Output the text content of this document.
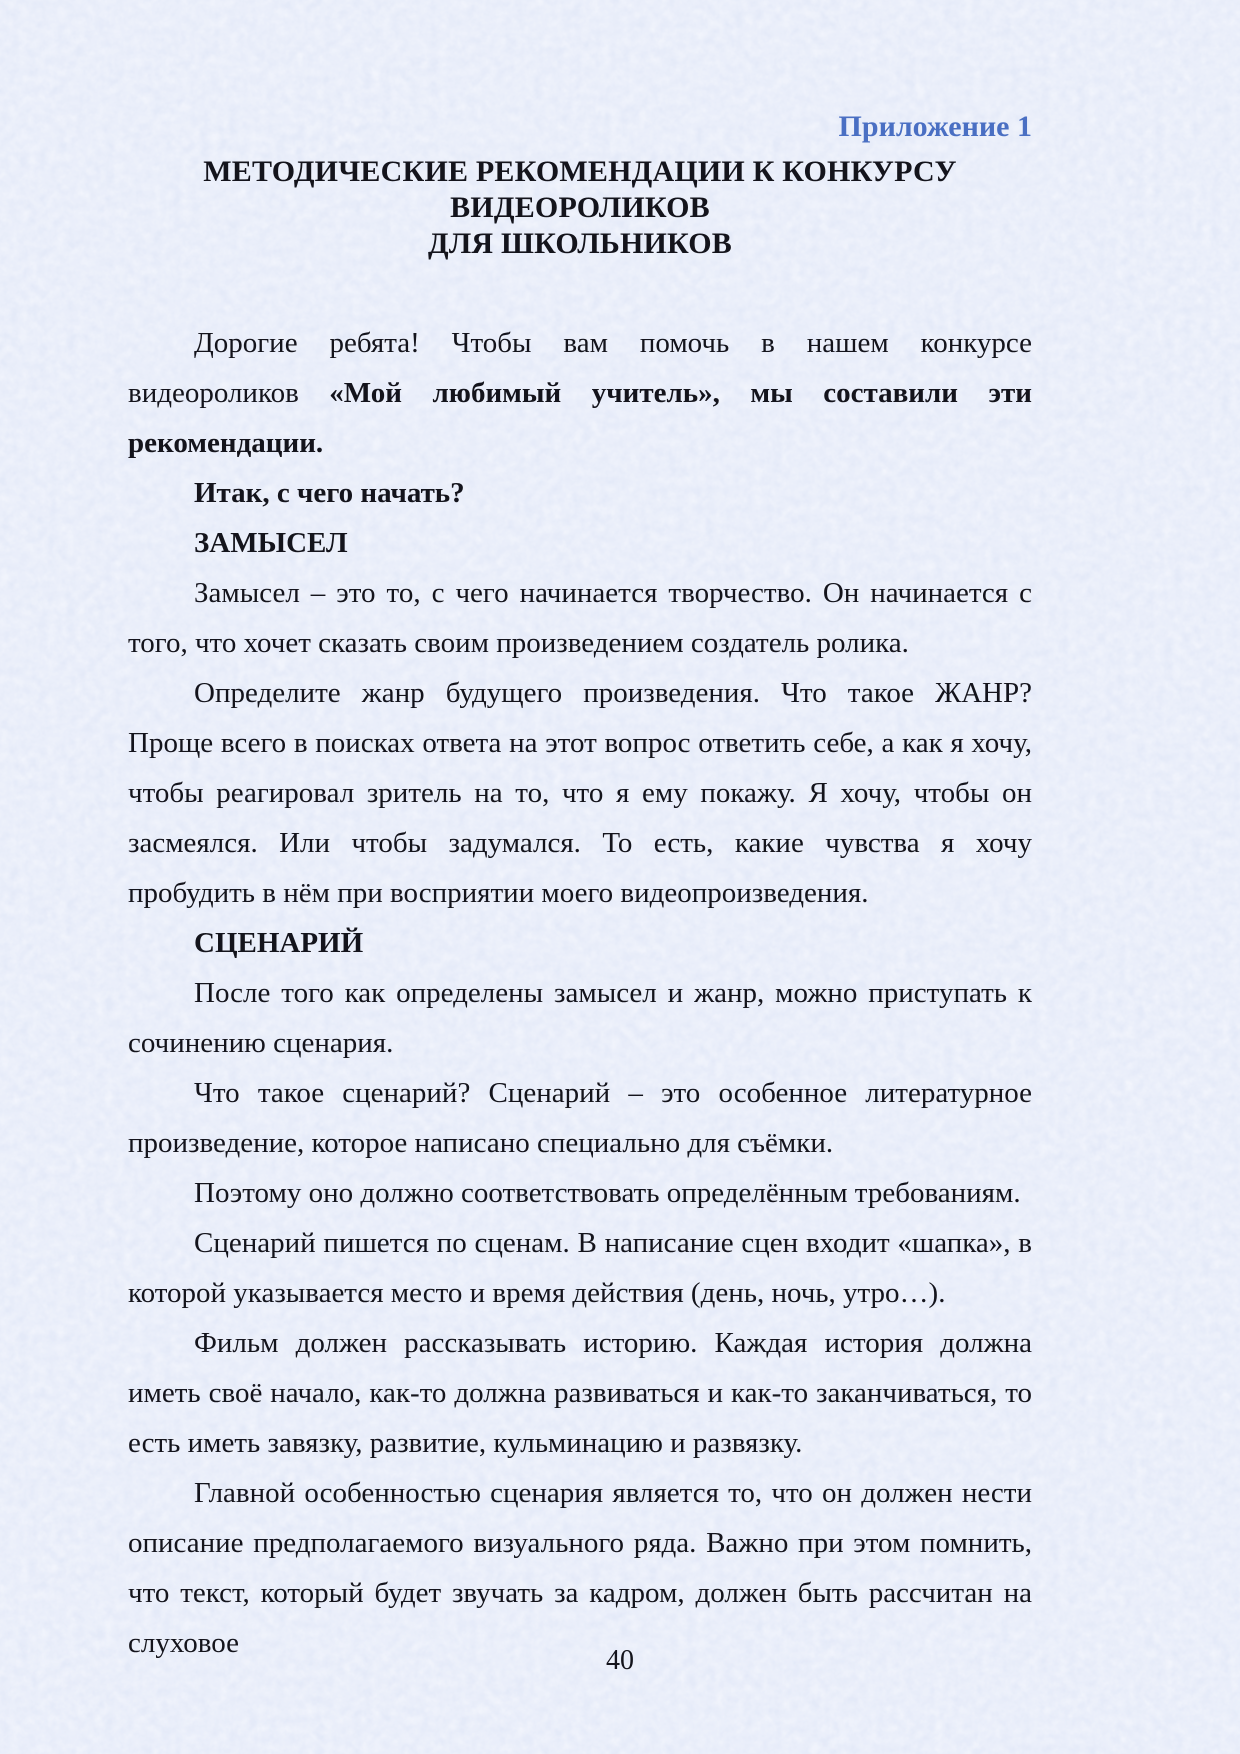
Приложение 1

МЕТОДИЧЕСКИЕ РЕКОМЕНДАЦИИ К КОНКУРСУ ВИДЕОРОЛИКОВ
ДЛЯ ШКОЛЬНИКОВ

Дорогие ребята! Чтобы вам помочь в нашем конкурсе видеороликов «Мой любимый учитель», мы составили эти рекомендации.

Итак, с чего начать?

ЗАМЫСЕЛ

Замысел – это то, с чего начинается творчество. Он начинается с того, что хочет сказать своим произведением создатель ролика.

Определите жанр будущего произведения. Что такое ЖАНР? Проще всего в поисках ответа на этот вопрос ответить себе, а как я хочу, чтобы реагировал зритель на то, что я ему покажу. Я хочу, чтобы он засмеялся. Или чтобы задумался. То есть, какие чувства я хочу пробудить в нём при восприятии моего видеопроизведения.

СЦЕНАРИЙ

После того как определены замысел и жанр, можно приступать к сочинению сценария.

Что такое сценарий? Сценарий – это особенное литературное произведение, которое написано специально для съёмки.

Поэтому оно должно соответствовать определённым требованиям.

Сценарий пишется по сценам. В написание сцен входит «шапка», в которой указывается место и время действия (день, ночь, утро…).

Фильм должен рассказывать историю. Каждая история должна иметь своё начало, как-то должна развиваться и как-то заканчиваться, то есть иметь завязку, развитие, кульминацию и развязку.

Главной особенностью сценария является то, что он должен нести описание предполагаемого визуального ряда. Важно при этом помнить, что текст, который будет звучать за кадром, должен быть рассчитан на слуховое

40
